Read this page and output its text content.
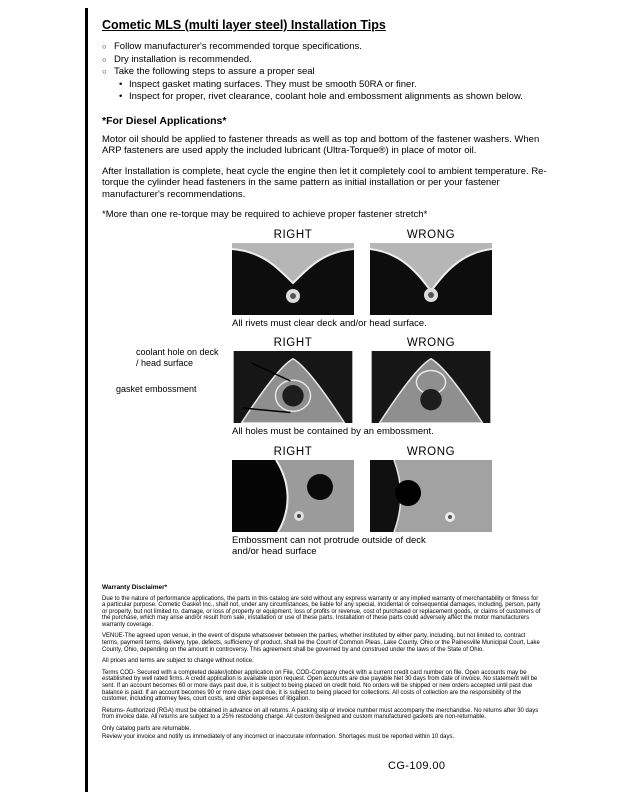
Cometic MLS (multi layer steel) Installation Tips
○ Follow manufacturer's recommended torque specifications.
○ Dry installation is recommended.
○ Take the following steps to assure a proper seal
• Inspect gasket mating surfaces. They must be smooth 50RA or finer.
• Inspect for proper, rivet clearance, coolant hole and embossment alignments as shown below.
*For Diesel Applications*

Motor oil should be applied to fastener threads as well as top and bottom of the fastener washers. When ARP fasteners are used apply the included lubricant (Ultra-Torque®) in place of motor oil.

After Installation is complete, heat cycle the engine then let it completely cool to ambient temperature. Re-torque the cylinder head fasteners in the same pattern as initial installation or per your fastener manufacturer's recommendations.

*More than one re-torque may be required to achieve proper fastener stretch*

RIGHT	WRONG

All rivets must clear deck and/or head surface.

RIGHT	WRONG
coolant hole on deck / head surface
gasket embossment

All holes must be contained by an embossment.

RIGHT	WRONG

Embossment can not protrude outside of deck and/or head surface

Warranty Disclaimer*

Due to the nature of performance applications, the parts in this catalog are sold without any express warranty or any implied warranty of merchantability or fitness for a particular purpose. Cometic Gasket Inc., shall not, under any circumstances, be liable for any special, incidental or consequential damages, including, person, party or property, but not limited to, damage, or loss of property or equipment, loss of profits or revenue, cost of purchased or replacement goods, or claims of customers of the purchase, which may arise and/or result from sale, installation or use of these parts. Installation of these parts could adversely affect the motor manufacturers warranty coverage.

VENUE-The agreed upon venue, in the event of dispute whatsoever between the parties, whether instituted by either party, including, but not limited to, contract terms, payment terms, delivery, type, defects, sufficiency of product, shall be the Court of Common Pleas, Lake County, Ohio or the Painesville Municipal Court, Lake County, Ohio, depending on the amount in controversy. This agreement shall be governed by and construed under the laws of the State of Ohio.

All prices and terms are subject to change without notice.

Terms COD- Secured with a completed dealer/jobber application on File, COD-Company check with a current credit card number on file. Open accounts may be established by well rated firms. A credit application is available upon request. Open accounts are due payable Net 30 days from date of invoice. No statement will be sent. If an account becomes 60 or more days past due, it is subject to being placed on credit hold. No orders will be shipped or new orders accepted until past due balance is paid. If an account becomes 90 or more days past due, it is subject to being placed for collections. All costs of collection are the responsibility of the customer, including attorney fees, court costs, and other expenses of litigation.

Returns- Authorized (RGA) must be obtained in advance on all returns. A packing slip or invoice number must accompany the merchandise. No returns after 30 days from invoice date. All returns are subject to a 25% restocking charge. All custom designed and custom manufactured gaskets are non-returnable.

Only catalog parts are returnable.

Review your invoice and notify us immediately of any incorrect or inaccurate information. Shortages must be reported within 10 days.

CG-109.00
